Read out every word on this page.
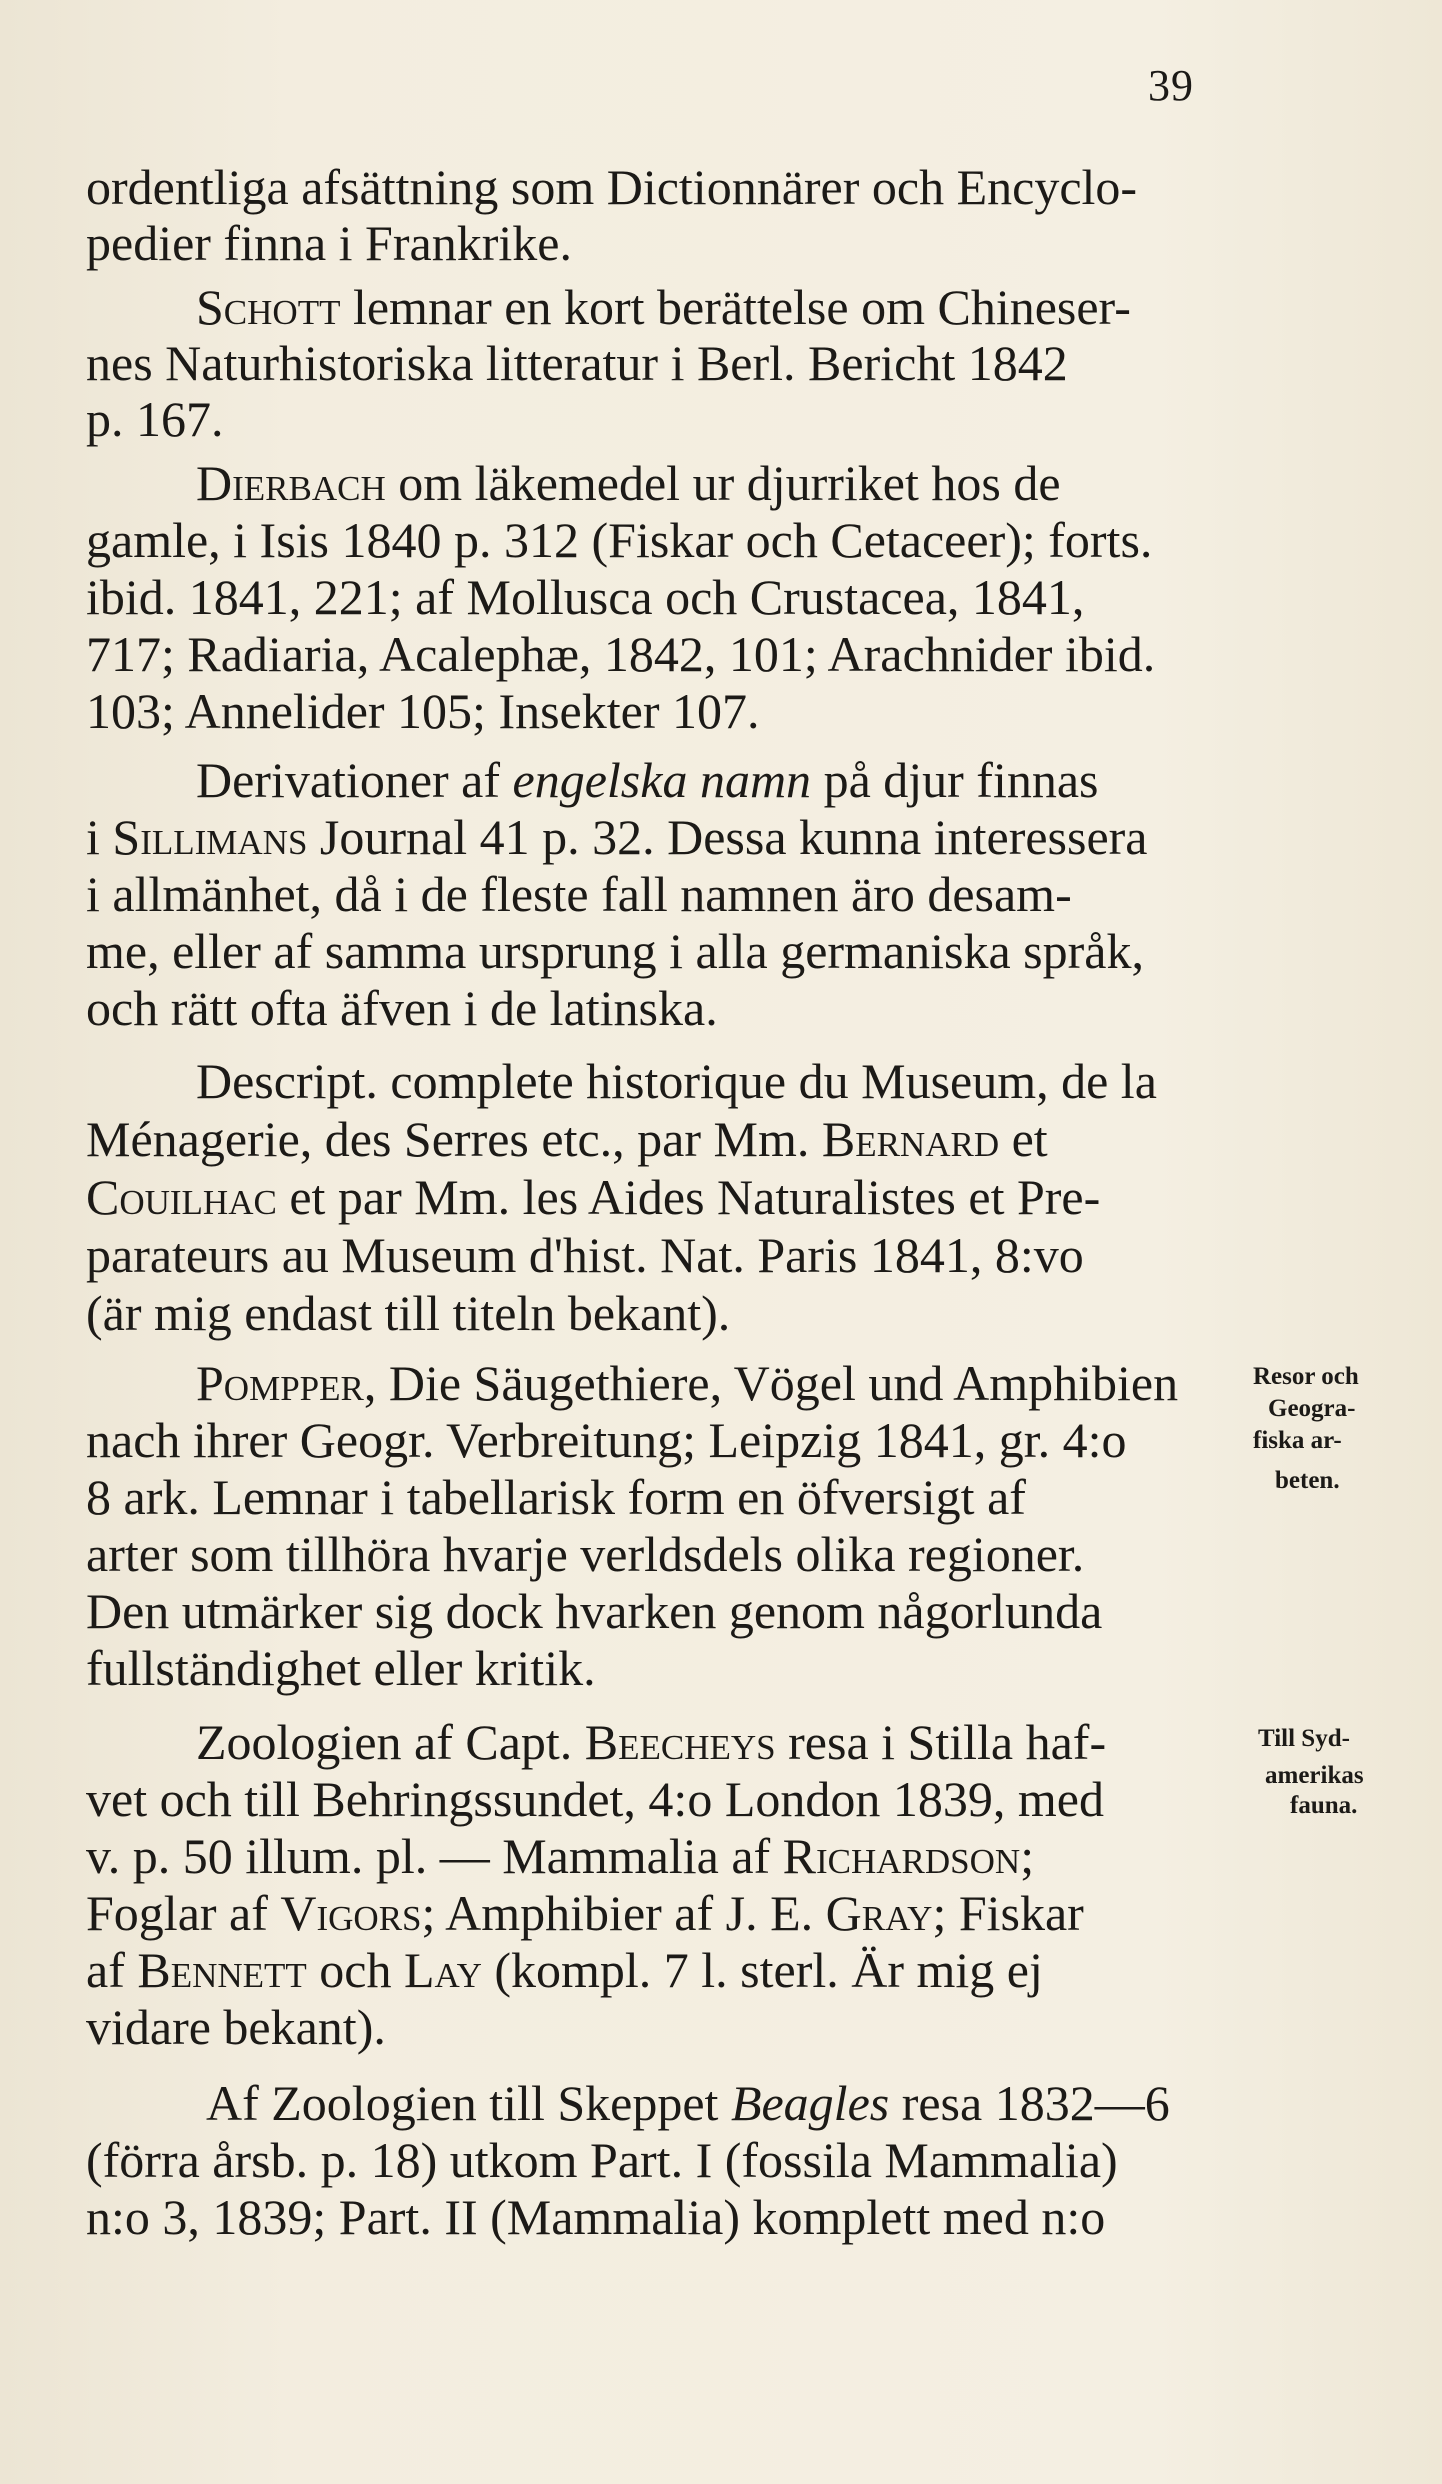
39
ordentliga afsättning som Dictionnärer och Encyclo-
pedier finna i Frankrike.
Schott lemnar en kort berättelse om Chineser-
nes Naturhistoriska litteratur i Berl. Bericht 1842
p. 167.
Dierbach om läkemedel ur djurriket hos de
gamle, i Isis 1840 p. 312 (Fiskar och Cetaceer); forts.
ibid. 1841, 221; af Mollusca och Crustacea, 1841,
717; Radiaria, Acalephæ, 1842, 101; Arachnider ibid.
103; Annelider 105; Insekter 107.
Derivationer af engelska namn på djur finnas
i Sillimans Journal 41 p. 32. Dessa kunna interessera
i allmänhet, då i de fleste fall namnen äro desam-
me, eller af samma ursprung i alla germaniska språk,
och rätt ofta äfven i de latinska.
Descript. complete historique du Museum, de la
Ménagerie, des Serres etc., par Mm. Bernard et
Couilhac et par Mm. les Aides Naturalistes et Pre-
parateurs au Museum d'hist. Nat. Paris 1841, 8:vo
(är mig endast till titeln bekant).
Pompper, Die Säugethiere, Vögel und Amphibien
nach ihrer Geogr. Verbreitung; Leipzig 1841, gr. 4:o
8 ark. Lemnar i tabellarisk form en öfversigt af
arter som tillhöra hvarje verldsdels olika regioner.
Den utmärker sig dock hvarken genom någorlunda
fullständighet eller kritik.
Zoologien af Capt. Beecheys resa i Stilla haf-
vet och till Behringssundet, 4:o London 1839, med
v. p. 50 illum. pl. — Mammalia af Richardson;
Foglar af Vigors; Amphibier af J. E. Gray; Fiskar
af Bennett och Lay (kompl. 7 l. sterl. Är mig ej
vidare bekant).
Af Zoologien till Skeppet Beagles resa 1832—6
(förra årsb. p. 18) utkom Part. I (fossila Mammalia)
n:o 3, 1839; Part. II (Mammalia) komplett med n:o
Resor och
Geogra-
fiska ar-
beten.
Till Syd-
amerikas
fauna.
